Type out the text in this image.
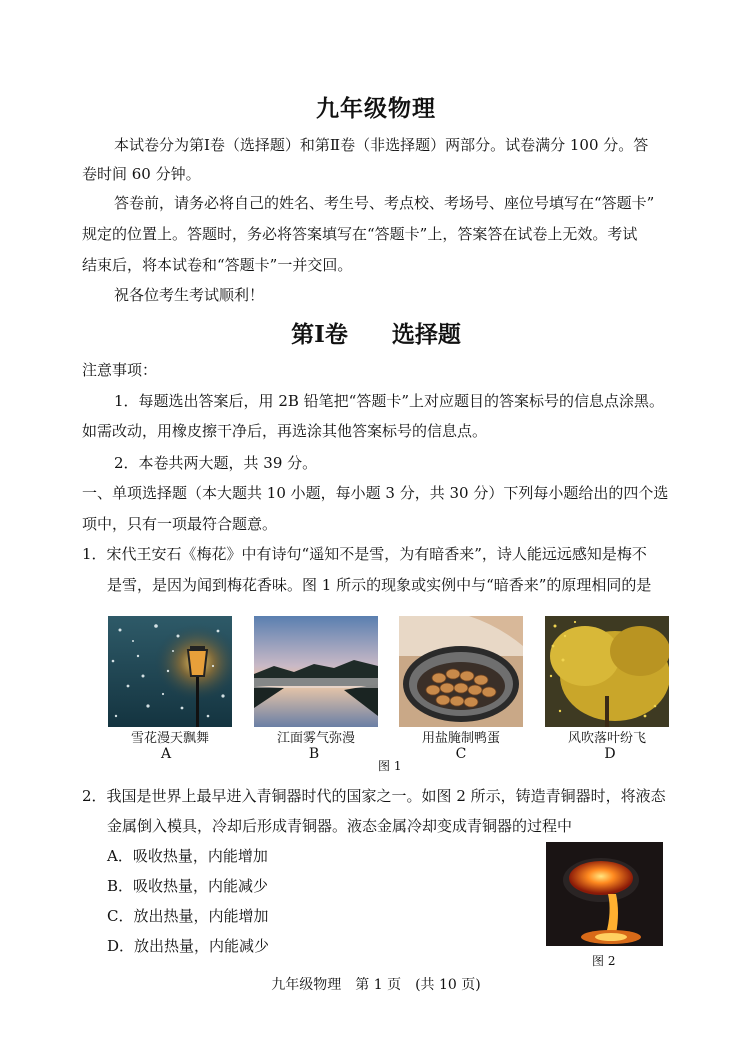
九年级物理
本试卷分为第Ⅰ卷（选择题）和第Ⅱ卷（非选择题）两部分。试卷满分 100 分。答
卷时间 60 分钟。
答卷前，请务必将自己的姓名、考生号、考点校、考场号、座位号填写在“答题卡”
规定的位置上。答题时，务必将答案填写在“答题卡”上，答案答在试卷上无效。考试
结束后，将本试卷和“答题卡”一并交回。
祝各位考生考试顺利！
第Ⅰ卷 选择题
注意事项：
1．每题选出答案后，用 2B 铅笔把“答题卡”上对应题目的答案标号的信息点涂黑。
如需改动，用橡皮擦干净后，再选涂其他答案标号的信息点。
2．本卷共两大题，共 39 分。
一、单项选择题（本大题共 10 小题，每小题 3 分，共 30 分）下列每小题给出的四个选
项中，只有一项最符合题意。
1．宋代王安石《梅花》中有诗句“遥知不是雪，为有暗香来”，诗人能远远感知是梅不
是雪，是因为闻到梅花香味。图 1 所示的现象或实例中与“暗香来”的原理相同的是
雪花漫天飘舞	江面雾气弥漫	用盐腌制鸭蛋	风吹落叶纷飞
A	B	C	D
图 1
2．我国是世界上最早进入青铜器时代的国家之一。如图 2 所示，铸造青铜器时，将液态
金属倒入模具，冷却后形成青铜器。液态金属冷却变成青铜器的过程中
A．吸收热量，内能增加
B．吸收热量，内能减少
C．放出热量，内能增加
D．放出热量，内能减少
图 2
九年级物理　第 1 页　(共 10 页)
